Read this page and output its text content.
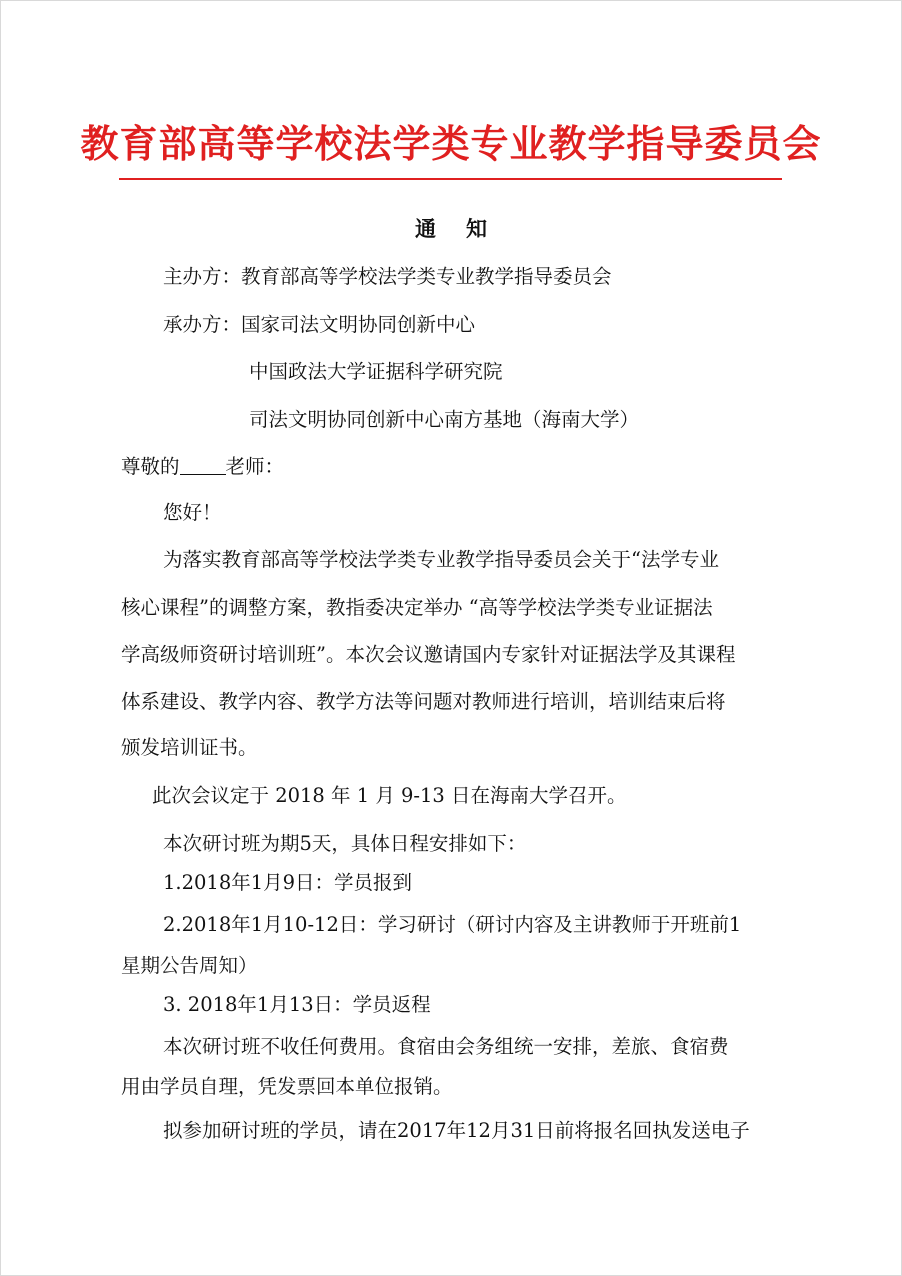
教育部高等学校法学类专业教学指导委员会
通知
主办方：教育部高等学校法学类专业教学指导委员会
承办方：国家司法文明协同创新中心
中国政法大学证据科学研究院
司法文明协同创新中心南方基地（海南大学）
尊敬的 老师：
您好！
为落实教育部高等学校法学类专业教学指导委员会关于“法学专业
核心课程”的调整方案，教指委决定举办 “高等学校法学类专业证据法
学高级师资研讨培训班”。本次会议邀请国内专家针对证据法学及其课程
体系建设、教学内容、教学方法等问题对教师进行培训，培训结束后将
颁发培训证书。
此次会议定于 2018 年 1 月 9-13 日在海南大学召开。
本次研讨班为期5天，具体日程安排如下：
1.2018年1月9日：学员报到
2.2018年1月10-12日：学习研讨（研讨内容及主讲教师于开班前1
星期公告周知）
3. 2018年1月13日：学员返程
本次研讨班不收任何费用。食宿由会务组统一安排，差旅、食宿费
用由学员自理，凭发票回本单位报销。
拟参加研讨班的学员，请在2017年12月31日前将报名回执发送电子
